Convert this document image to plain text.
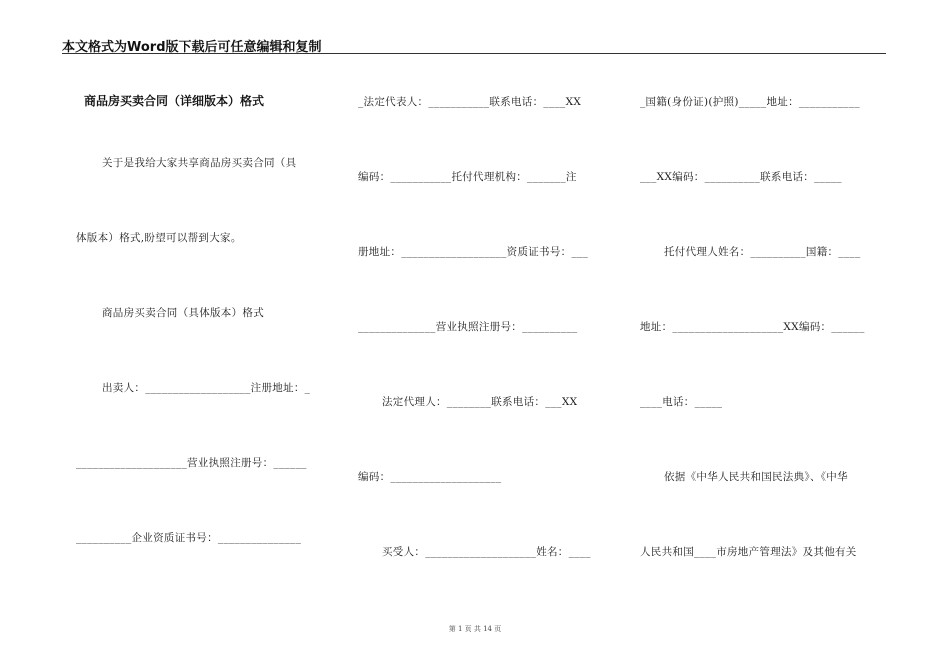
本文格式为Word版下载后可任意编辑和复制
商品房买卖合同（详细版本）格式
关于是我给大家共享商品房买卖合同（具
体版本）格式,盼望可以帮到大家。
商品房买卖合同（具体版本）格式
出卖人：___________________注册地址：_
____________________营业执照注册号：______
__________企业资质证书号：_______________
_法定代表人：___________联系电话：____XX
编码：___________托付代理机构：_______注
册地址：___________________资质证书号：___
______________营业执照注册号：__________
法定代理人：________联系电话：___XX
编码：____________________
买受人：____________________姓名：____
_国籍(身份证)(护照)_____地址：___________
___XX编码：__________联系电话：_____
托付代理人姓名：__________国籍：____
地址：____________________XX编码：______
____电话：_____
依据《中华人民共和国民法典》、《中华
人民共和国____市房地产管理法》及其他有关
第 1 页 共 14 页
